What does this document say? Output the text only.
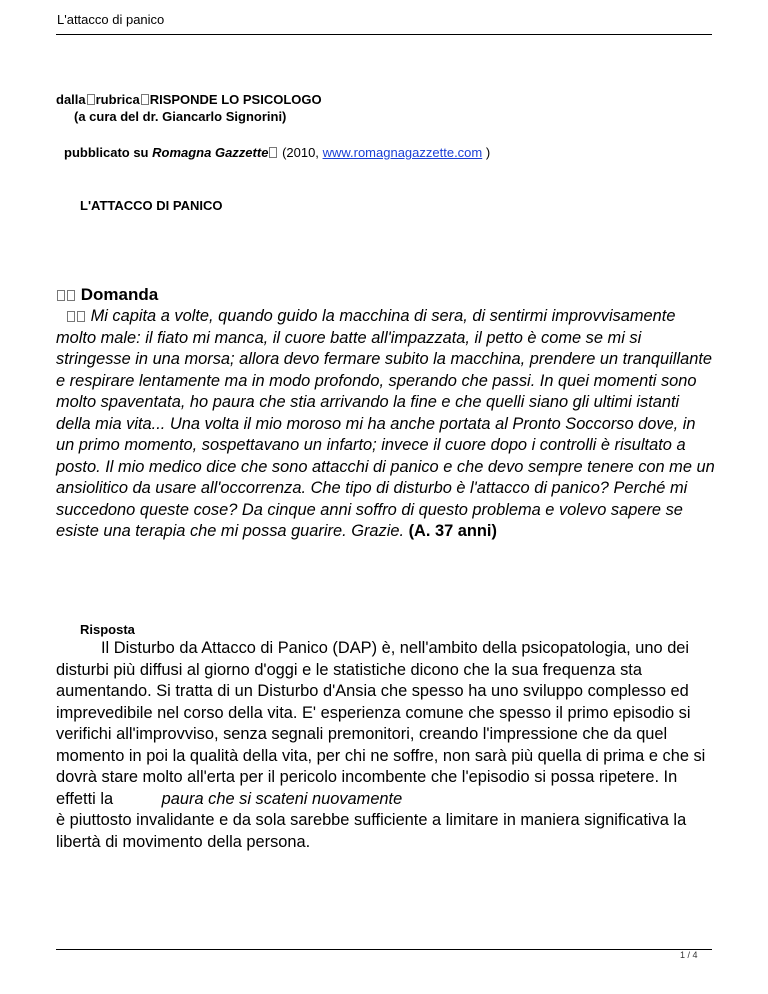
L'attacco di panico
dalla rubrica RISPONDE LO PSICOLOGO
(a cura del dr. Giancarlo Signorini)
pubblicato su Romagna Gazzette (2010, www.romagnagazzette.com )
L'ATTACCO DI PANICO
Domanda
Mi capita a volte, quando guido la macchina di sera, di sentirmi improvvisamente molto male: il fiato mi manca, il cuore batte all'impazzata, il petto è come se mi si stringesse in una morsa; allora devo fermare subito la macchina, prendere un tranquillante e respirare lentamente ma in modo profondo, sperando che passi. In quei momenti sono molto spaventata, ho paura che stia arrivando la fine e che quelli siano gli ultimi istanti della mia vita... Una volta il mio moroso mi ha anche portata al Pronto Soccorso dove, in un primo momento, sospettavano un infarto; invece il cuore dopo i controlli è risultato a posto. Il mio medico dice che sono attacchi di panico e che devo sempre tenere con me un ansiolitico da usare all'occorrenza. Che tipo di disturbo è l'attacco di panico? Perché mi succedono queste cose? Da cinque anni soffro di questo problema e volevo sapere se esiste una terapia che mi possa guarire. Grazie. (A. 37 anni)
Risposta
Il Disturbo da Attacco di Panico (DAP) è, nell'ambito della psicopatologia, uno dei disturbi più diffusi al giorno d'oggi e le statistiche dicono che la sua frequenza sta aumentando. Si tratta di un Disturbo d'Ansia che spesso ha uno sviluppo complesso ed imprevedibile nel corso della vita. E' esperienza comune che spesso il primo episodio si verifichi all'improvviso, senza segnali premonitori, creando l'impressione che da quel momento in poi la qualità della vita, per chi ne soffre, non sarà più quella di prima e che si dovrà stare molto all'erta per il pericolo incombente che l'episodio si possa ripetere. In effetti la	paura che si scateni nuovamente
è piuttosto invalidante e da sola sarebbe sufficiente a limitare in maniera significativa la libertà di movimento della persona.
1 / 4
